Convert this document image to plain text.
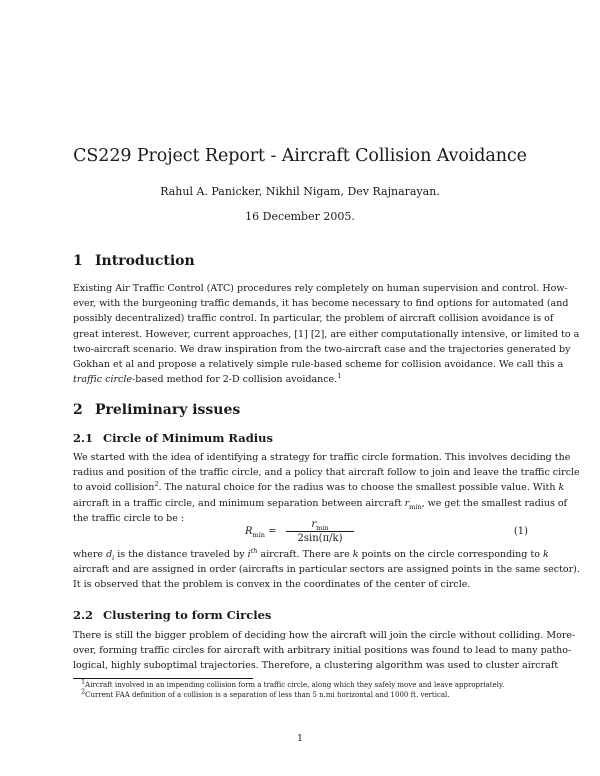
CS229 Project Report - Aircraft Collision Avoidance
Rahul A. Panicker, Nikhil Nigam, Dev Rajnarayan.
16 December 2005.
1 Introduction
Existing Air Traffic Control (ATC) procedures rely completely on human supervision and control. How-
ever, with the burgeoning traffic demands, it has become necessary to find options for automated (and
possibly decentralized) traffic control. In particular, the problem of aircraft collision avoidance is of
great interest. However, current approaches, [1] [2], are either computationally intensive, or limited to a
two-aircraft scenario. We draw inspiration from the two-aircraft case and the trajectories generated by
Gokhan et al and propose a relatively simple rule-based scheme for collision avoidance. We call this a
traffic circle-based method for 2-D collision avoidance.$^1$
2 Preliminary issues
2.1 Circle of Minimum Radius
We started with the idea of identifying a strategy for traffic circle formation. This involves deciding the
radius and position of the traffic circle, and a policy that aircraft follow to join and leave the traffic circle
to avoid collision$^2$. The natural choice for the radius was to choose the smallest possible value. With k
aircraft in a traffic circle, and minimum separation between aircraft $r_{min}$, we get the smallest radius of
the traffic circle to be :
$R_{min}$ =
$r_{min}$
2sin(π/k)
(1)
where $d_i$ is the distance traveled by $i^{th}$ aircraft. There are k points on the circle corresponding to k
aircraft and are assigned in order (aircrafts in particular sectors are assigned points in the same sector).
It is observed that the problem is convex in the coordinates of the center of circle.
2.2 Clustering to form Circles
There is still the bigger problem of deciding how the aircraft will join the circle without colliding. More-
over, forming traffic circles for aircraft with arbitrary initial positions was found to lead to many patho-
logical, highly suboptimal trajectories. Therefore, a clustering algorithm was used to cluster aircraft
$^1$Aircraft involved in an impending collision form a traffic circle, along which they safely move and leave appropriately.
$^2$Current FAA definition of a collision is a separation of less than 5 n.mi horizontal and 1000 ft. vertical.
1
